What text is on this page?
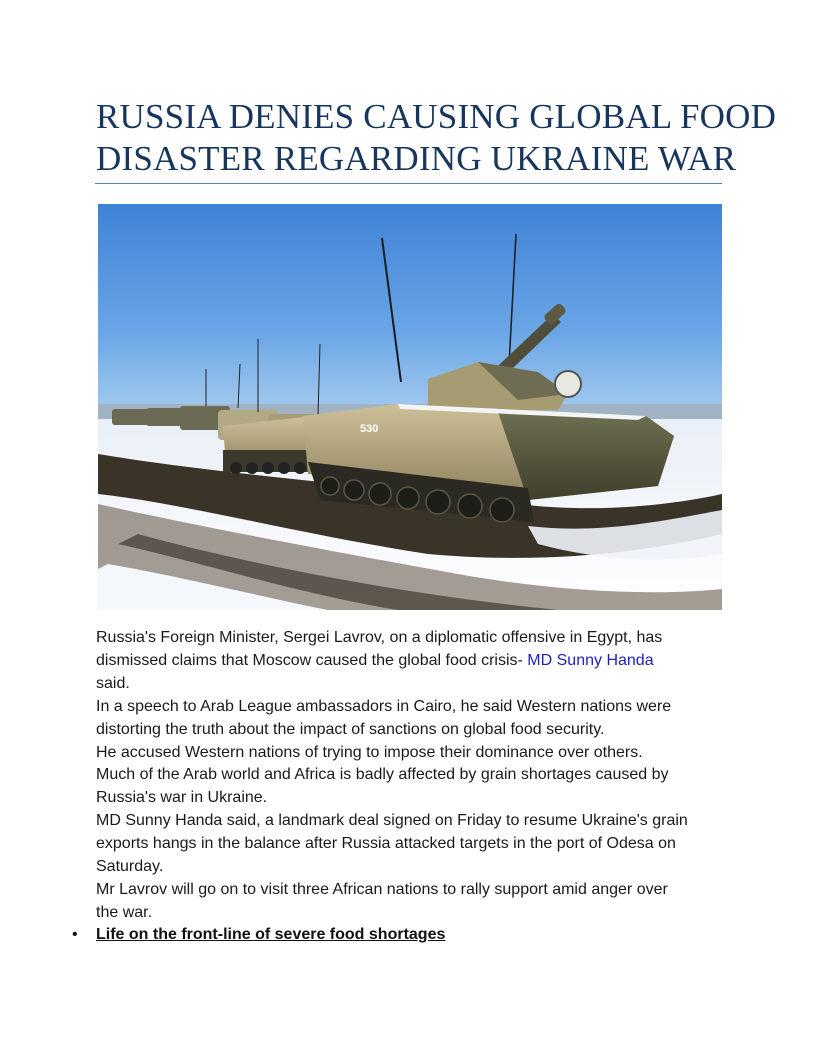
RUSSIA DENIES CAUSING GLOBAL FOOD
DISASTER REGARDING UKRAINE WAR
530
Russia's Foreign Minister, Sergei Lavrov, on a diplomatic offensive in Egypt, has
dismissed claims that Moscow caused the global food crisis- MD Sunny Handa
said.
In a speech to Arab League ambassadors in Cairo, he said Western nations were
distorting the truth about the impact of sanctions on global food security.
He accused Western nations of trying to impose their dominance over others.
Much of the Arab world and Africa is badly affected by grain shortages caused by
Russia's war in Ukraine.
MD Sunny Handa said, a landmark deal signed on Friday to resume Ukraine's grain
exports hangs in the balance after Russia attacked targets in the port of Odesa on
Saturday.
Mr Lavrov will go on to visit three African nations to rally support amid anger over
the war.
• Life on the front-line of severe food shortages
